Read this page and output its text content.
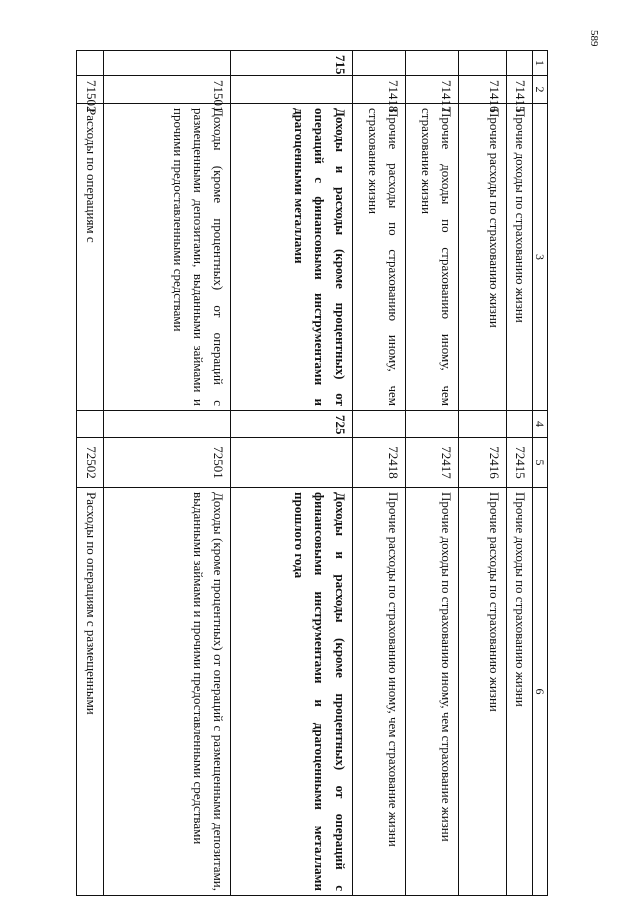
589
1	2	3	4	5	6
	71415	Прочие доходы по страхованию жизни		72415	Прочие доходы по страхованию жизни
	71416	Прочие расходы по страхованию жизни		72416	Прочие расходы по страхованию жизни
	71417	Прочие доходы по страхованию иному, чем страхование жизни		72417	Прочие доходы по страхованию иному, чем страхование жизни
	71418	Прочие расходы по страхованию иному, чем страхование жизни		72418	Прочие расходы по страхованию иному, чем страхование жизни
715		Доходы и расходы (кроме процентных) от операций с финансовыми инструментами и драгоценными металлами	725		Доходы и расходы (кроме процентных) от операций с финансовыми инструментами и драгоценными металлами прошлого года
	71501	Доходы (кроме процентных) от операций с размещенными депозитами, выданными займами и прочими предоставленными средствами		72501	Доходы (кроме процентных) от операций с размещенными депозитами, выданными займами и прочими предоставленными средствами
	71502	Расходы по операциям с		72502	Расходы по операциям с размещенными
